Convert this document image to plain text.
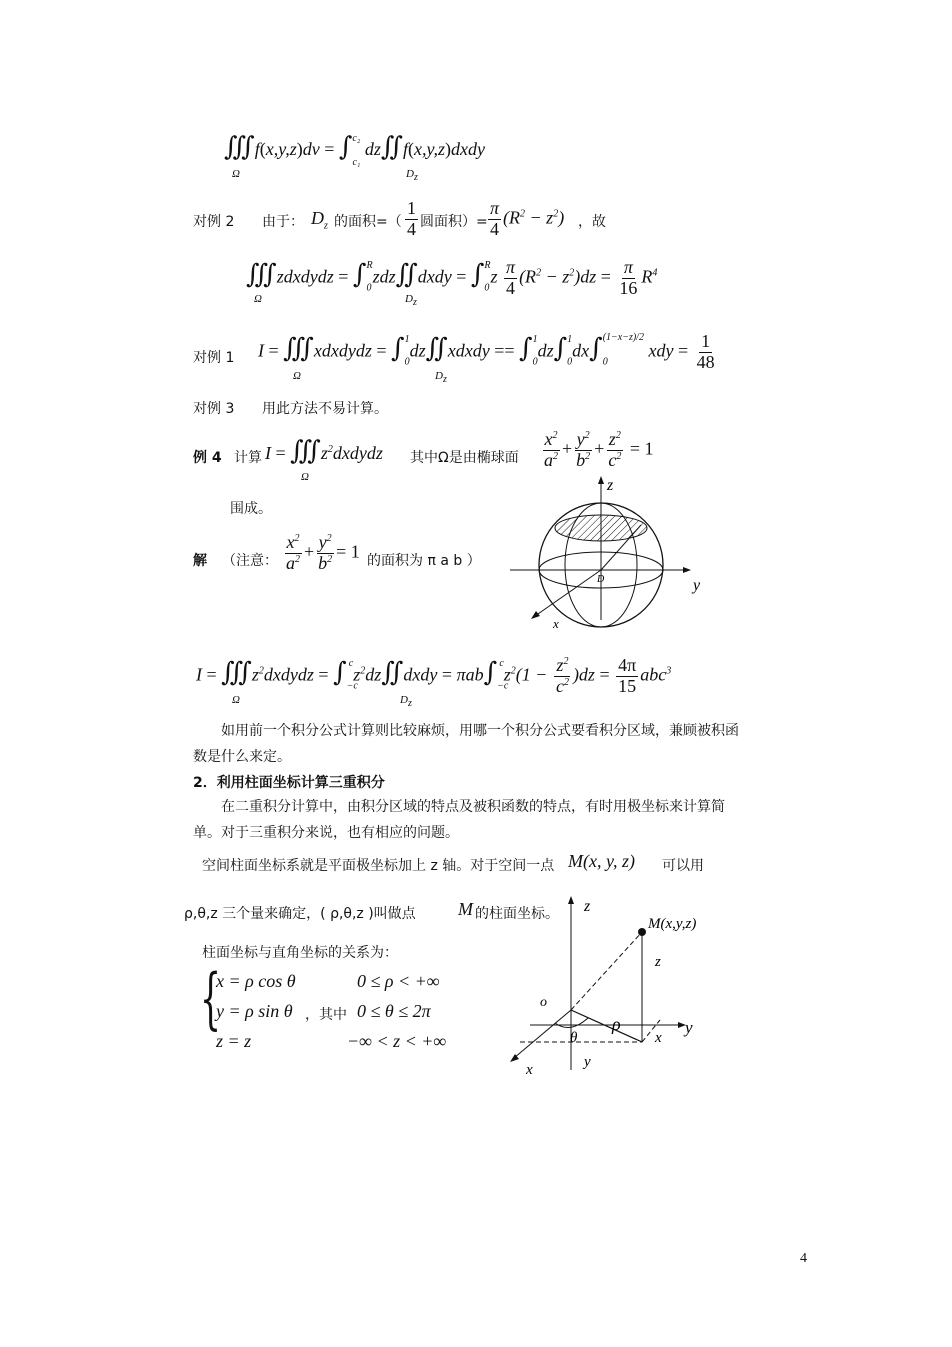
∭f(x,y,z)dv = $\int_{c_1}^{c_2}$ dz∬f(x,y,z)dxdy
Ω	$D_z$
对例 2 由于： $D_z$ 的面积=（ $\frac{1}{4}$ 圆面积）= $\frac{\pi}{4} (R^2 - z^2)$ ，故
∭zdxdydz = $\int_0^Rzdz∬dxdy = \int_0^Rz \frac{\pi}{4} (R^2 - z^2)dz = \frac{\pi}{16} R^4$
Ω	$D_z$
对例 1 I = ∭xdxdydz = $\int_0^1dz∬xdxdy == \int_0^1dz\int_0^1dx\int_0^{(1-x-z)/2}$ xdy = $\frac{1}{48}$
Ω	$D_z$
对例 3 用此方法不易计算。
例 4 计算 $I = ∭z^2dxdydz$
Ω
其中Ω是由椭球面 $\frac{x^2}{a^2} + \frac{y^2}{b^2} + \frac{z^2}{c^2} = 1$
围成。
解 （注意： $\frac{x^2}{a^2} + \frac{y^2}{b^2} = 1$ 的面积为 π a b ）
z
y
x
D
$I = ∭z^2dxdydz$ = $\int_{-c}^cz^2dz∬dxdy = \pi ab\int_{-c}^cz^2(1 - \frac{z^2}{c^2} )dz = \frac{4\pi}{15} abc^3$
Ω	$D_z$
如用前一个积分公式计算则比较麻烦，用哪一个积分公式要看积分区域，兼顾被积函数是什么来定。
2．利用柱面坐标计算三重积分
在二重积分计算中，由积分区域的特点及被积函数的特点，有时用极坐标来计算简单。对于三重积分来说，也有相应的问题。
空间柱面坐标系就是平面极坐标加上 z 轴。对于空间一点 M(x, y, z) 可以用
ρ,θ,z 三个量来确定，( ρ,θ,z )叫做点 M 的柱面坐标。
柱面坐标与直角坐标的关系为：
{
x = ρ cos θ
y = ρ sin θ ，其中
z = z
0 ≤ ρ < +∞
0 ≤ θ ≤ 2π
−∞ < z < +∞
z
M(x,y,z)
z
o
ρ
θ
y
x
y
x
4
